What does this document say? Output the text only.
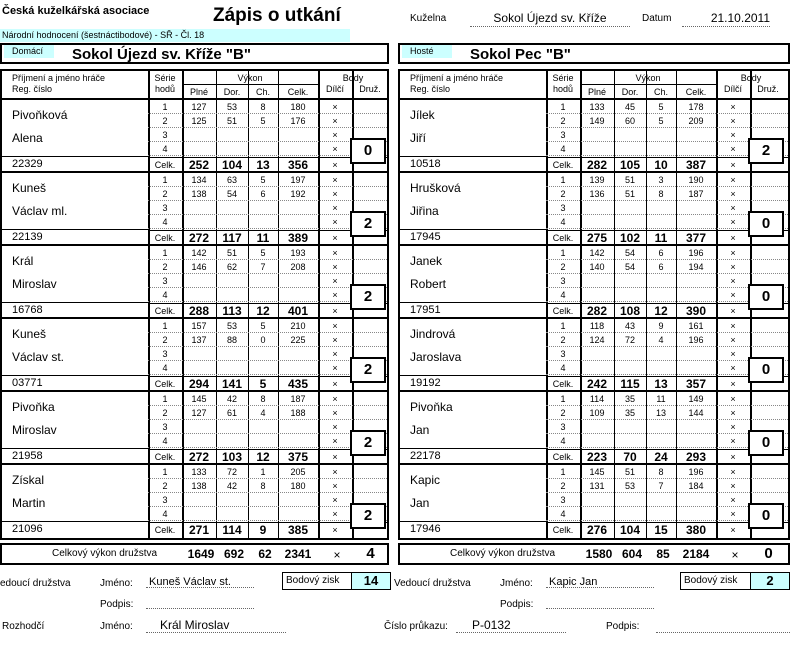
Česká kuželkářská asociace	Zápis o utkání
Národní hodnocení (šestnáctibodové) - SŘ - Čl. 18
Kuželna	Sokol Újezd sv. Kříže	Datum	21.10.2011
Domácí	Sokol Újezd sv. Kříže "B"	Hosté	Sokol Pec "B"
Příjmení a jméno hráče
Reg. číslo
Série
hodů
Výkon
Plné	Dor.	Ch.	Celk.
Body
Dílčí	Druž.
Pivoňková
Alena
22329
1	127	53	8	180	×
2	125	51	5	176	×
3	×
4	×
Celk.	252	104	13	356	×
0
Kuneš
Václav ml.
22139
1	134	63	5	197	×
2	138	54	6	192	×
3	×
4	×
Celk.	272	117	11	389	×
2
Král
Miroslav
16768
1	142	51	5	193	×
2	146	62	7	208	×
3	×
4	×
Celk.	288	113	12	401	×
2
Kuneš
Václav st.
03771
1	157	53	5	210	×
2	137	88	0	225	×
3	×
4	×
Celk.	294	141	5	435	×
2
Pivoňka
Miroslav
21958
1	145	42	8	187	×
2	127	61	4	188	×
3	×
4	×
Celk.	272	103	12	375	×
2
Získal
Martin
21096
1	133	72	1	205	×
2	138	42	8	180	×
3	×
4	×
Celk.	271	114	9	385	×
2
Příjmení a jméno hráče
Reg. číslo
Série
hodů
Výkon
Plné	Dor.	Ch.	Celk.
Body
Dílčí	Druž.
Jílek
Jiří
10518
1	133	45	5	178	×
2	149	60	5	209	×
3	×
4	×
Celk.	282	105	10	387	×
2
Hrušková
Jiřina
17945
1	139	51	3	190	×
2	136	51	8	187	×
3	×
4	×
Celk.	275	102	11	377	×
0
Janek
Robert
17951
1	142	54	6	196	×
2	140	54	6	194	×
3	×
4	×
Celk.	282	108	12	390	×
0
Jindrová
Jaroslava
19192
1	118	43	9	161	×
2	124	72	4	196	×
3	×
4	×
Celk.	242	115	13	357	×
0
Pivoňka
Jan
22178
1	114	35	11	149	×
2	109	35	13	144	×
3	×
4	×
Celk.	223	70	24	293	×
0
Kapic
Jan
17946
1	145	51	8	196	×
2	131	53	7	184	×
3	×
4	×
Celk.	276	104	15	380	×
0
Celkový výkon družstva	1649 692	62	2341	×	4	Celkový výkon družstva	1580 604	85	2184	×	0
edoucí družstva	Jméno: Kuneš Václav st.	Bodový zisk	14
Podpis:
Vedoucí družstva	Jméno: Kapic Jan	Bodový zisk	2
Podpis:
Rozhodčí	Jméno:	Král Miroslav	Číslo průkazu:	P-0132	Podpis:
